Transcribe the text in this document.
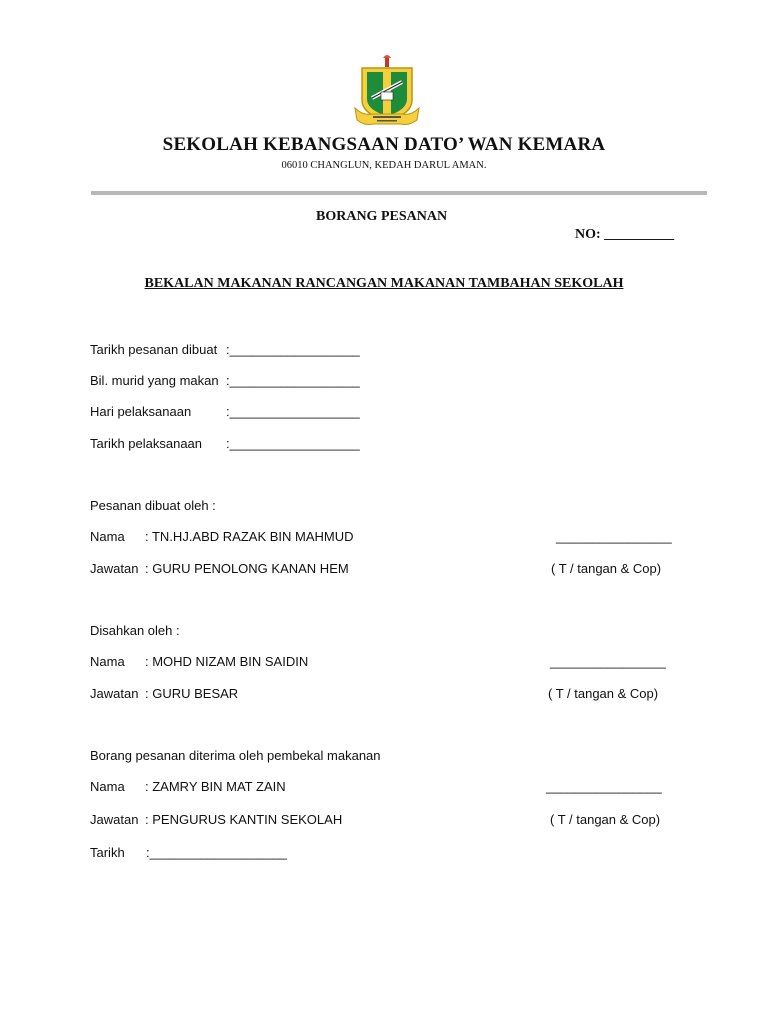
SEKOLAH KEBANGSAAN DATO’ WAN KEMARA
06010 CHANGLUN, KEDAH DARUL AMAN.
BORANG PESANAN
NO: __________
BEKALAN MAKANAN RANCANGAN MAKANAN TAMBAHAN SEKOLAH
Tarikh pesanan dibuat :__________________
Bil. murid yang makan :__________________
Hari pelaksanaan	:__________________
Tarikh pelaksanaan :__________________
Pesanan dibuat oleh :
Nama : TN.HJ.ABD RAZAK BIN MAHMUD	________________
Jawatan : GURU PENOLONG KANAN HEM	( T / tangan & Cop)
Disahkan oleh :
Nama : MOHD NIZAM BIN SAIDIN	________________
Jawatan : GURU BESAR	( T / tangan & Cop)
Borang pesanan diterima oleh pembekal makanan
Nama : ZAMRY BIN MAT ZAIN	________________
Jawatan : PENGURUS KANTIN SEKOLAH	( T / tangan & Cop)
Tarikh :___________________
